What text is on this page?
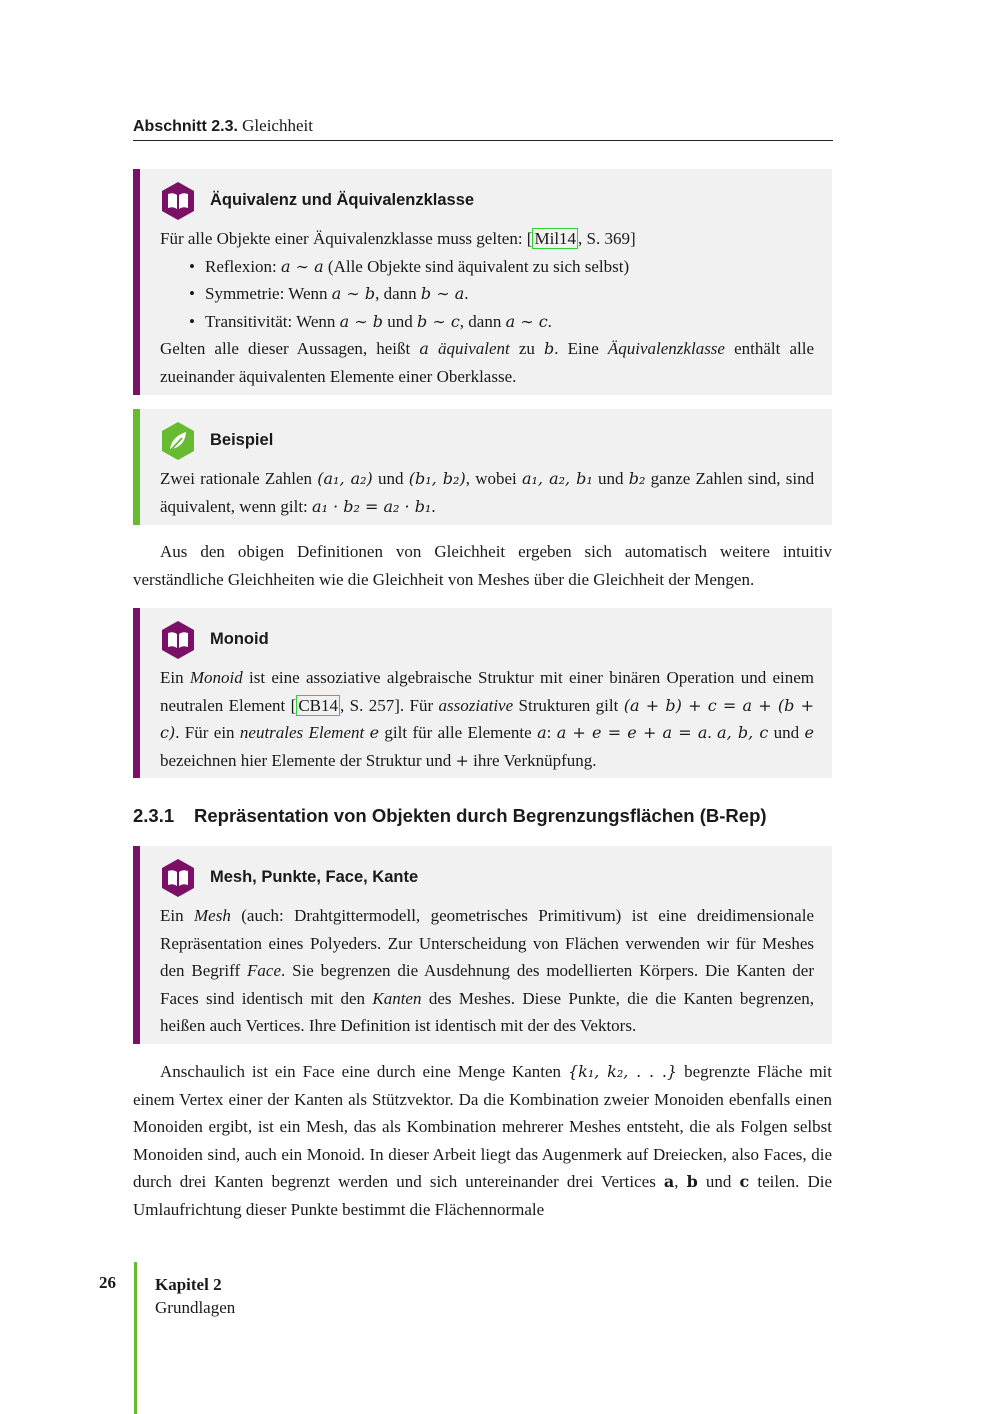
Abschnitt 2.3. Gleichheit
Äquivalenz und Äquivalenzklasse

Für alle Objekte einer Äquivalenzklasse muss gelten: [ Mil14 , S. 369]

• Reflexion: a ∼ a (Alle Objekte sind äquivalent zu sich selbst)
• Symmetrie: Wenn a ∼ b, dann b ∼ a.
• Transitivität: Wenn a ∼ b und b ∼ c, dann a ∼ c.

Gelten alle dieser Aussagen, heißt a äquivalent zu b. Eine Äquivalenzklasse enthält alle zueinander äquivalenten Elemente einer Oberklasse.

Beispiel

Zwei rationale Zahlen (a₁, a₂) und (b₁, b₂), wobei a₁, a₂, b₁ und b₂ ganze Zahlen sind, sind äquivalent, wenn gilt: a₁ · b₂ = a₂ · b₁.

Aus den obigen Definitionen von Gleichheit ergeben sich automatisch weitere intuitiv verständliche Gleichheiten wie die Gleichheit von Meshes über die Gleichheit der Mengen.

Monoid

Ein Monoid ist eine assoziative algebraische Struktur mit einer binären Operation und einem neutralen Element [ CB14 , S. 257]. Für assoziative Strukturen gilt (a + b) + c = a + (b + c). Für ein neutrales Element e gilt für alle Elemente a: a + e = e + a = a. a, b, c und e bezeichnen hier Elemente der Struktur und + ihre Verknüpfung.

2.3.1 Repräsentation von Objekten durch Begrenzungsflächen (B-Rep)
Mesh, Punkte, Face, Kante

Ein Mesh (auch: Drahtgittermodell, geometrisches Primitivum) ist eine dreidimensionale Repräsentation eines Polyeders. Zur Unterscheidung von Flächen verwenden wir für Meshes den Begriff Face. Sie begrenzen die Ausdehnung des modellierten Körpers. Die Kanten der Faces sind identisch mit den Kanten des Meshes. Diese Punkte, die die Kanten begrenzen, heißen auch Vertices. Ihre Definition ist identisch mit der des Vektors.

Anschaulich ist ein Face eine durch eine Menge Kanten {k₁, k₂, . . .} begrenzte Fläche mit einem Vertex einer der Kanten als Stützvektor. Da die Kombination zweier Monoiden ebenfalls einen Monoiden ergibt, ist ein Mesh, das als Kombination mehrerer Meshes entsteht, die als Folgen selbst Monoiden sind, auch ein Monoid. In dieser Arbeit liegt das Augenmerk auf Dreiecken, also Faces, die durch drei Kanten begrenzt werden und sich untereinander drei Vertices a, b und c teilen. Die Umlaufrichtung dieser Punkte bestimmt die Flächennormale

26 Kapitel 2
Grundlagen
